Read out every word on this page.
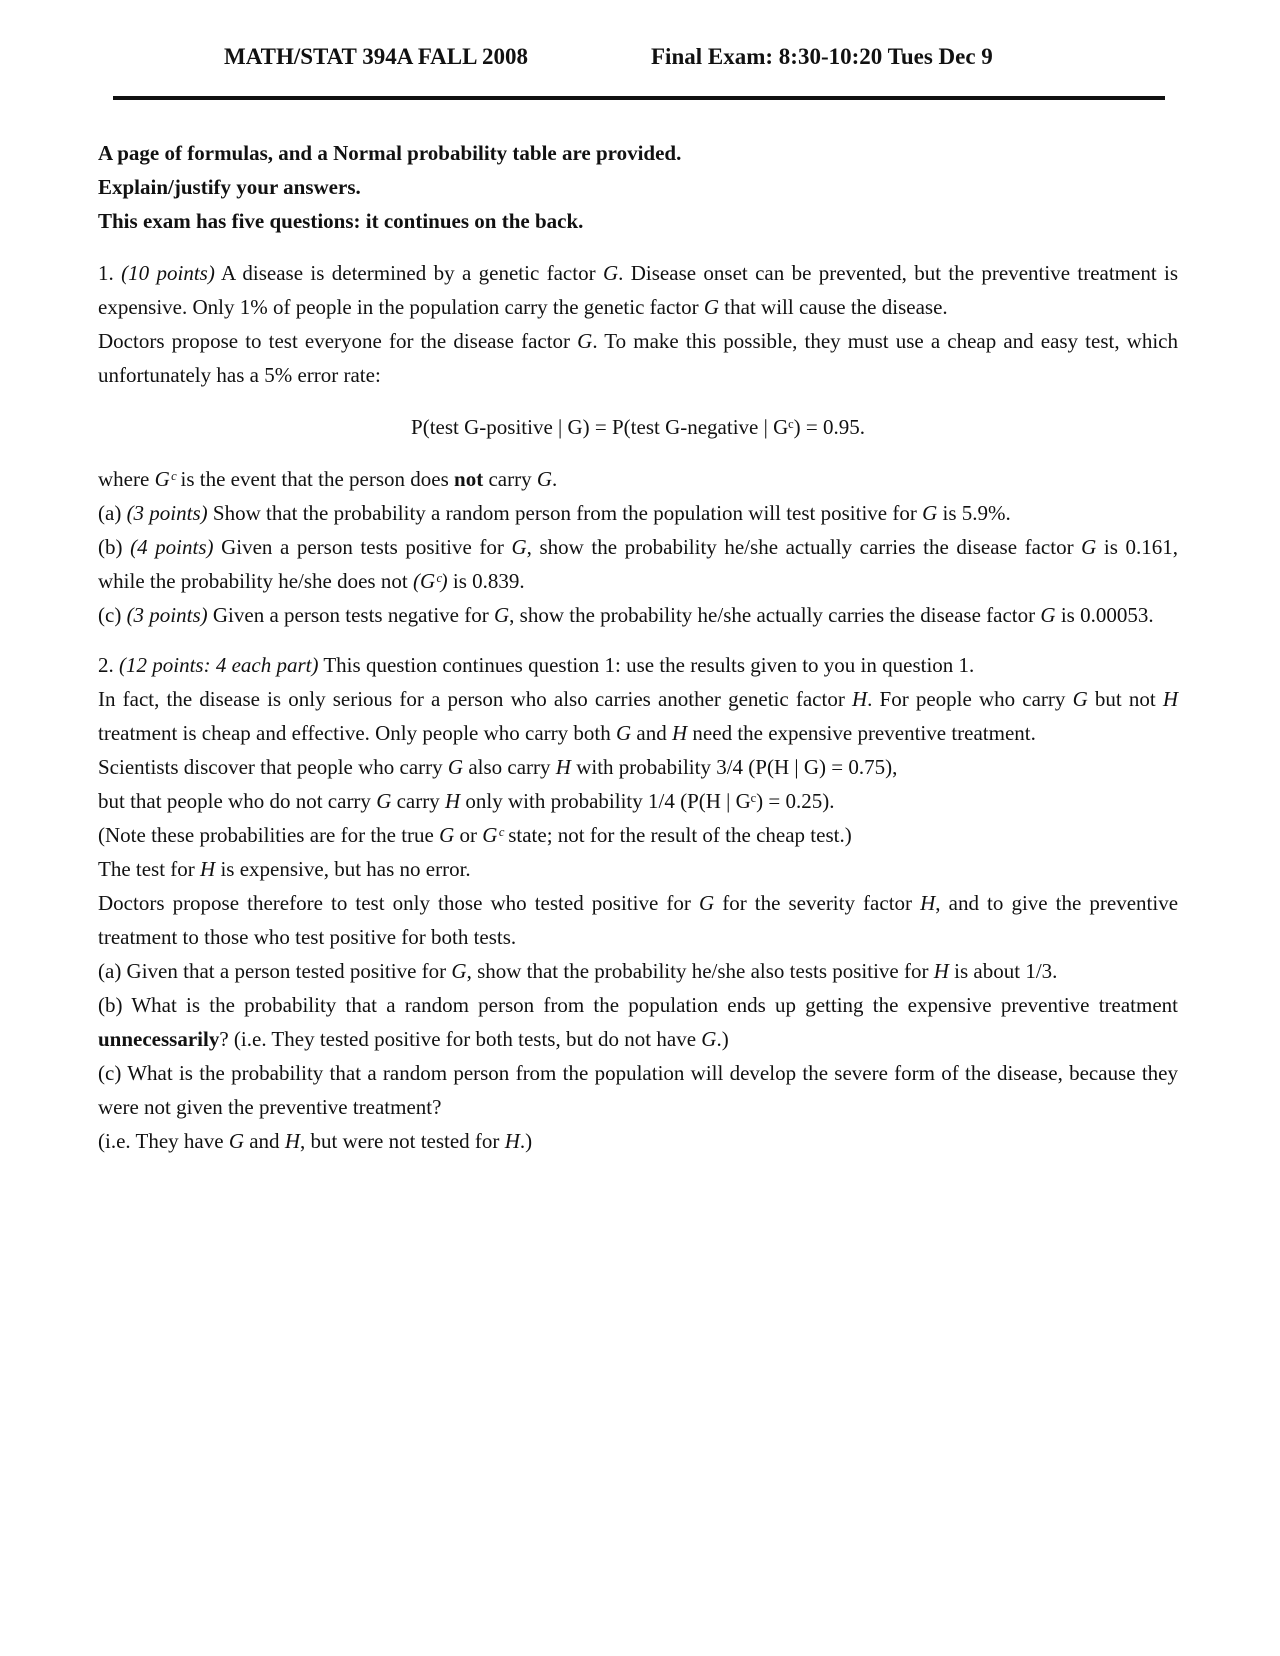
MATH/STAT 394A FALL 2008	Final Exam: 8:30-10:20 Tues Dec 9
A page of formulas, and a Normal probability table are provided.
Explain/justify your answers.
This exam has five questions: it continues on the back.

1. (10 points) A disease is determined by a genetic factor G. Disease onset can be prevented, but the preventive treatment is expensive. Only 1% of people in the population carry the genetic factor G that will cause the disease.

Doctors propose to test everyone for the disease factor G. To make this possible, they must use a cheap and easy test, which unfortunately has a 5% error rate:

P(test G-positive | G) = P(test G-negative | Gᶜ) = 0.95.

where Gᶜ is the event that the person does not carry G.

(a) (3 points) Show that the probability a random person from the population will test positive for G is 5.9%.

(b) (4 points) Given a person tests positive for G, show the probability he/she actually carries the disease factor G is 0.161, while the probability he/she does not (Gᶜ) is 0.839.

(c) (3 points) Given a person tests negative for G, show the probability he/she actually carries the disease factor G is 0.00053.

2. (12 points: 4 each part) This question continues question 1: use the results given to you in question 1.

In fact, the disease is only serious for a person who also carries another genetic factor H. For people who carry G but not H treatment is cheap and effective. Only people who carry both G and H need the expensive preventive treatment.

Scientists discover that people who carry G also carry H with probability 3/4 (P(H | G) = 0.75),

but that people who do not carry G carry H only with probability 1/4 (P(H | Gᶜ) = 0.25).

(Note these probabilities are for the true G or Gᶜ state; not for the result of the cheap test.)

The test for H is expensive, but has no error.

Doctors propose therefore to test only those who tested positive for G for the severity factor H, and to give the preventive treatment to those who test positive for both tests.

(a) Given that a person tested positive for G, show that the probability he/she also tests positive for H is about 1/3.

(b) What is the probability that a random person from the population ends up getting the expensive preventive treatment unnecessarily? (i.e. They tested positive for both tests, but do not have G.)

(c) What is the probability that a random person from the population will develop the severe form of the disease, because they were not given the preventive treatment?

(i.e. They have G and H, but were not tested for H.)
